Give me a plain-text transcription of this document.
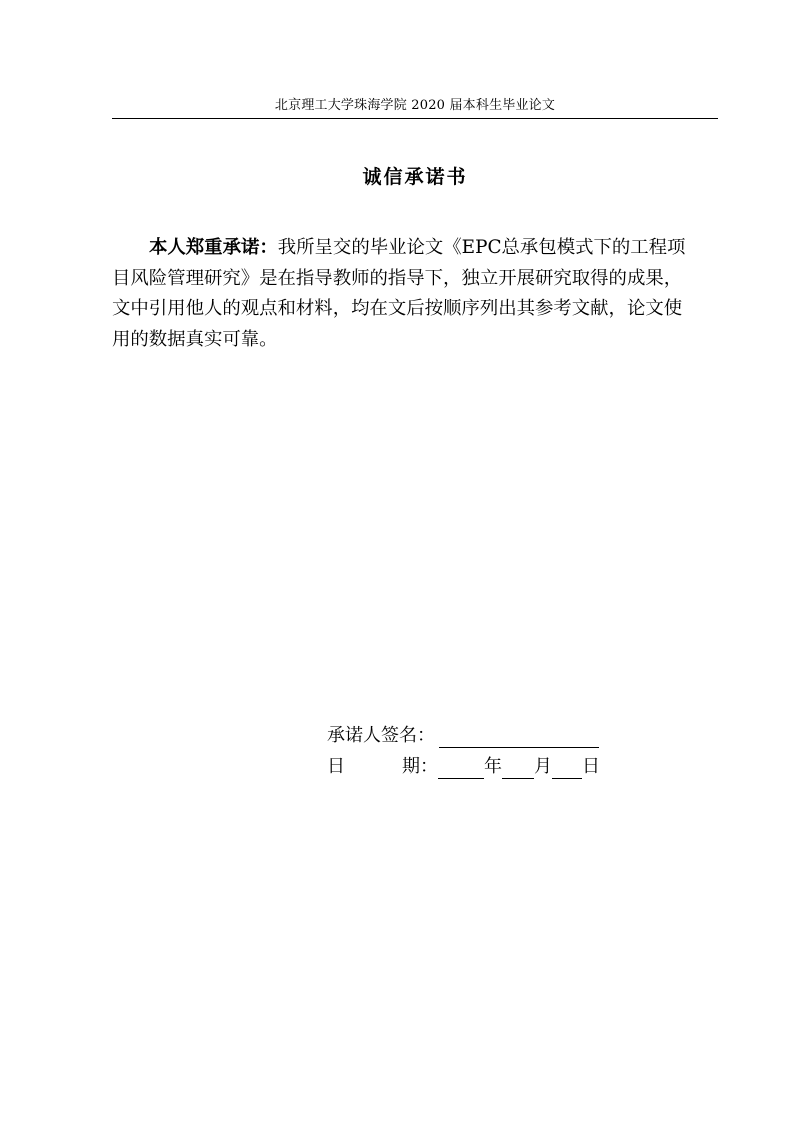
北京理工大学珠海学院 2020 届本科生毕业论文
诚信承诺书
本人郑重承诺：我所呈交的毕业论文《EPC总承包模式下的工程项目风险管理研究》是在指导教师的指导下，独立开展研究取得的成果，文中引用他人的观点和材料，均在文后按顺序列出其参考文献，论文使用的数据真实可靠。
承诺人签名：
日	期：	年 月 日
